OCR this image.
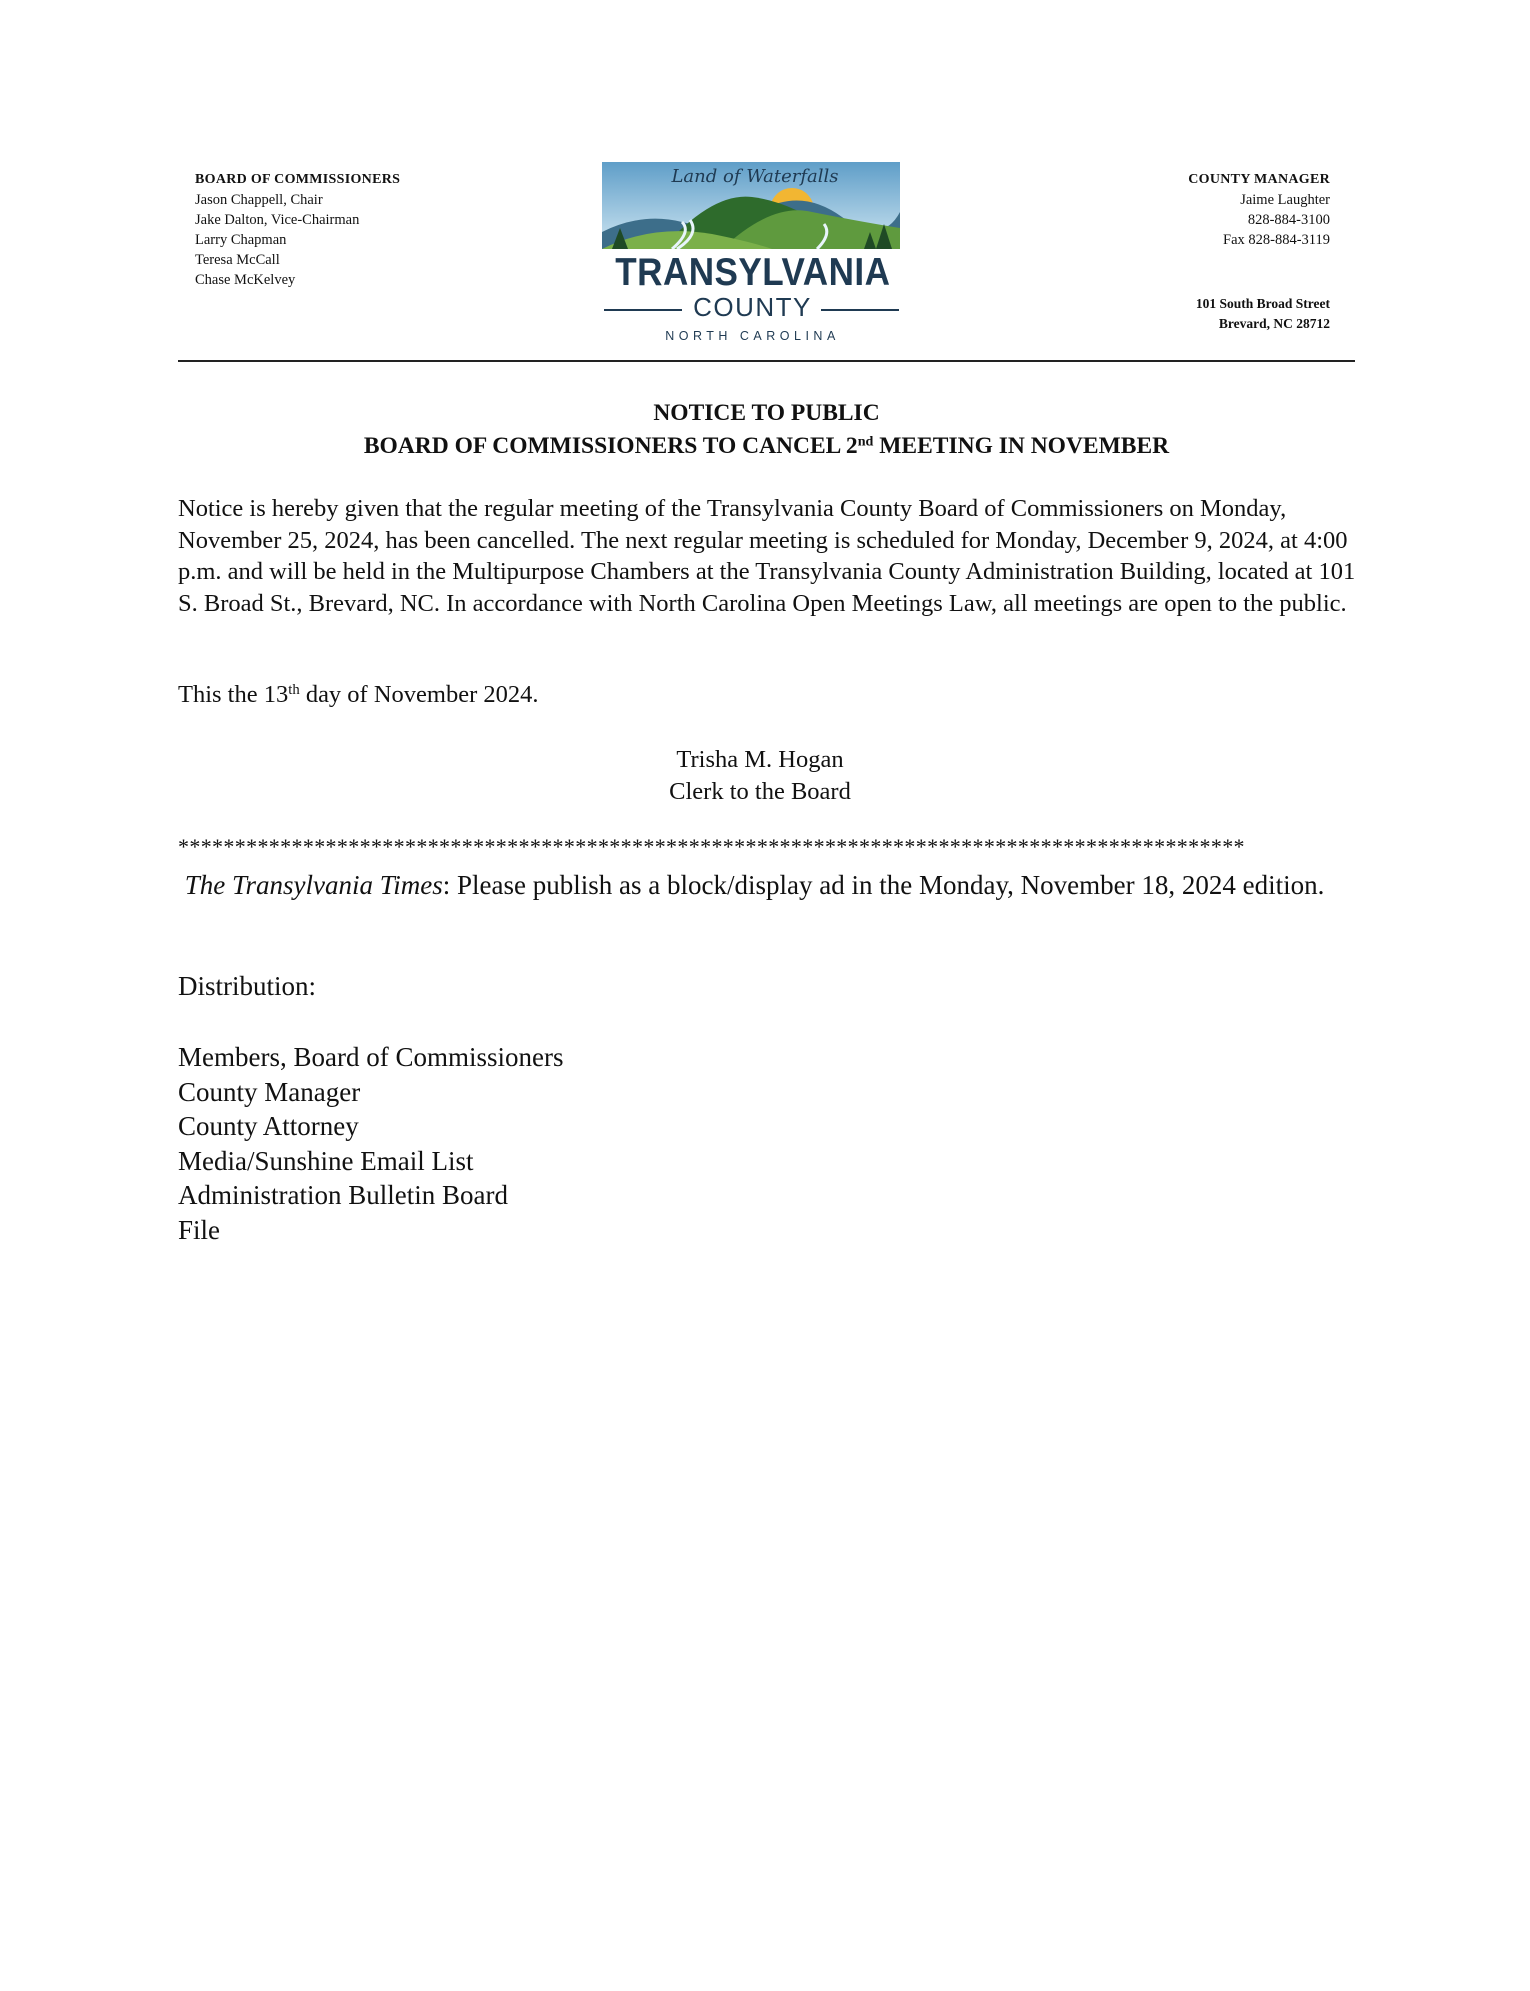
BOARD OF COMMISSIONERS
Jason Chappell, Chair
Jake Dalton, Vice-Chairman
Larry Chapman
Teresa McCall
Chase McKelvey
Land of Waterfalls
TRANSYLVANIA
COUNTY
NORTH CAROLINA
COUNTY MANAGER
Jaime Laughter
828-884-3100
Fax 828-884-3119
101 South Broad Street
Brevard, NC 28712
NOTICE TO PUBLIC
BOARD OF COMMISSIONERS TO CANCEL 2nd MEETING IN NOVEMBER
Notice is hereby given that the regular meeting of the Transylvania County Board of Commissioners on Monday, November 25, 2024, has been cancelled. The next regular meeting is scheduled for Monday, December 9, 2024, at 4:00 p.m. and will be held in the Multipurpose Chambers at the Transylvania County Administration Building, located at 101 S. Broad St., Brevard, NC. In accordance with North Carolina Open Meetings Law, all meetings are open to the public.
This the 13th day of November 2024.
Trisha M. Hogan
Clerk to the Board
**********************************************************************************************
The Transylvania Times: Please publish as a block/display ad in the Monday, November 18, 2024 edition.
Distribution:
Members, Board of Commissioners
County Manager
County Attorney
Media/Sunshine Email List
Administration Bulletin Board
File
